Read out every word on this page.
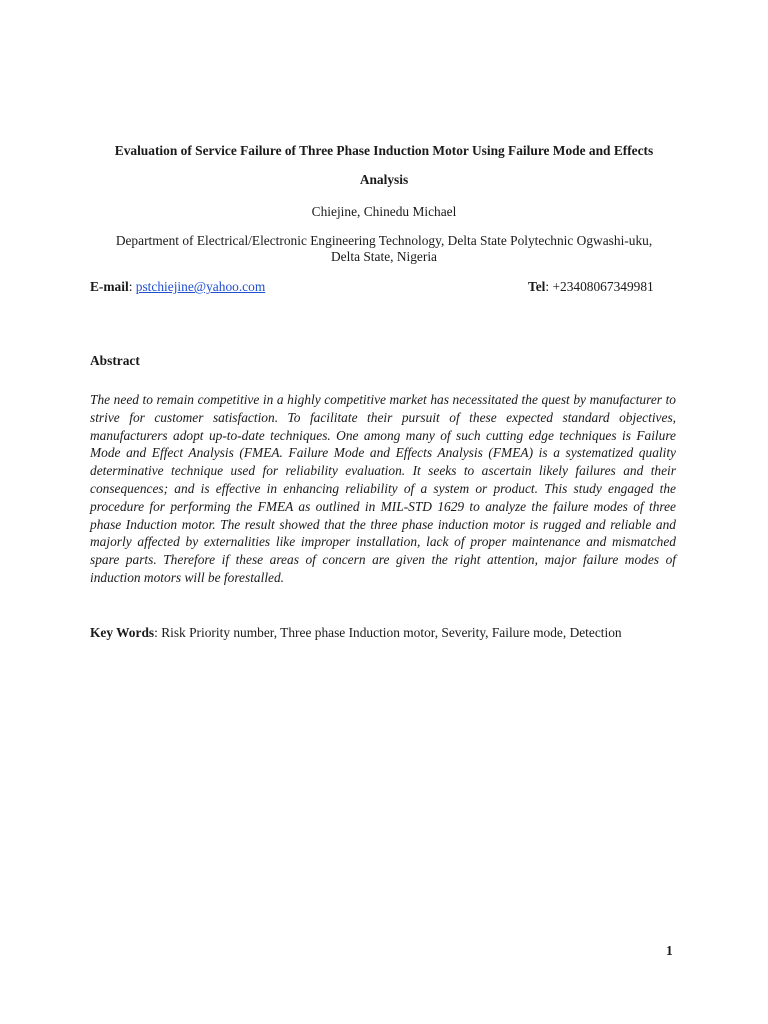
Evaluation of Service Failure of Three Phase Induction Motor Using Failure Mode and Effects Analysis
Chiejine, Chinedu Michael
Department of Electrical/Electronic Engineering Technology, Delta State Polytechnic Ogwashi-uku, Delta State, Nigeria
E-mail: pstchiejine@yahoo.com	Tel: +23408067349981
Abstract
The need to remain competitive in a highly competitive market has necessitated the quest by manufacturer to strive for customer satisfaction. To facilitate their pursuit of these expected standard objectives, manufacturers adopt up-to-date techniques. One among many of such cutting edge techniques is Failure Mode and Effect Analysis (FMEA. Failure Mode and Effects Analysis (FMEA) is a systematized quality determinative technique used for reliability evaluation. It seeks to ascertain likely failures and their consequences; and is effective in enhancing reliability of a system or product. This study engaged the procedure for performing the FMEA as outlined in MIL-STD 1629 to analyze the failure modes of three phase Induction motor. The result showed that the three phase induction motor is rugged and reliable and majorly affected by externalities like improper installation, lack of proper maintenance and mismatched spare parts. Therefore if these areas of concern are given the right attention, major failure modes of induction motors will be forestalled.
Key Words: Risk Priority number, Three phase Induction motor, Severity, Failure mode, Detection
1
